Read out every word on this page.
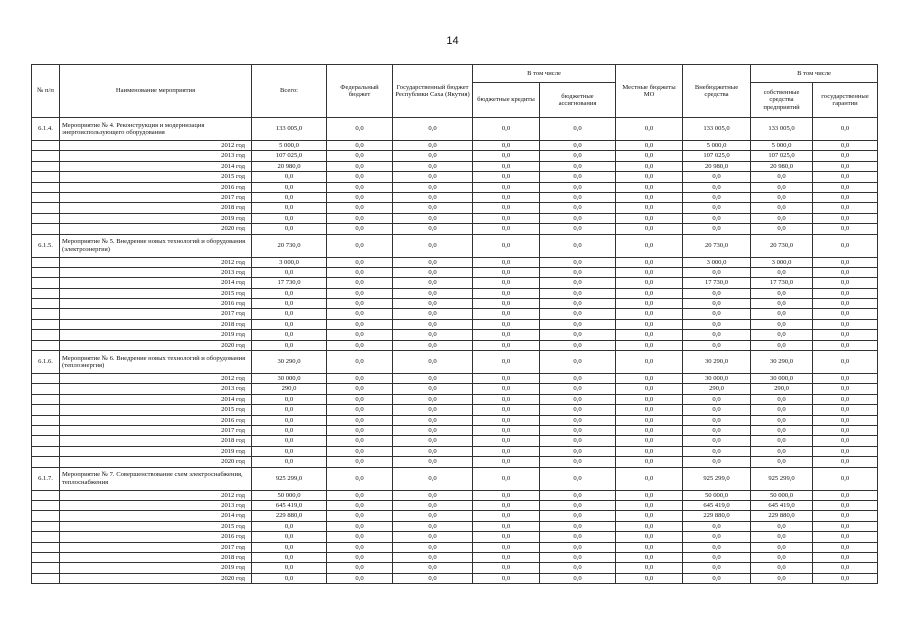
14
№ п/п	Наименование мероприятия	Всего:	Федеральный бюджет	Государственный бюджет Республики Саха (Якутия)	В том числе		Местные бюджеты МО	Внебюджетные средства	В том числе	
					бюджетные кредиты	бюджетные ассигнования			собственные средства предприятий	государственные гарантии
6.1.4.	Мероприятие № 4. Реконструкция и модернизация энергоиспользующего оборудования	133 005,0	0,0	0,0	0,0	0,0	0,0	133 005,0	133 005,0	0,0
	2012 год	5 000,0	0,0	0,0	0,0	0,0	0,0	5 000,0	5 000,0	0,0
	2013 год	107 025,0	0,0	0,0	0,0	0,0	0,0	107 025,0	107 025,0	0,0
	2014 год	20 980,0	0,0	0,0	0,0	0,0	0,0	20 980,0	20 980,0	0,0
	2015 год	0,0	0,0	0,0	0,0	0,0	0,0	0,0	0,0	0,0
	2016 год	0,0	0,0	0,0	0,0	0,0	0,0	0,0	0,0	0,0
	2017 год	0,0	0,0	0,0	0,0	0,0	0,0	0,0	0,0	0,0
	2018 год	0,0	0,0	0,0	0,0	0,0	0,0	0,0	0,0	0,0
	2019 год	0,0	0,0	0,0	0,0	0,0	0,0	0,0	0,0	0,0
	2020 год	0,0	0,0	0,0	0,0	0,0	0,0	0,0	0,0	0,0
6.1.5.	Мероприятие № 5. Внедрение новых технологий и оборудования (электроэнергия)	20 730,0	0,0	0,0	0,0	0,0	0,0	20 730,0	20 730,0	0,0
	2012 год	3 000,0	0,0	0,0	0,0	0,0	0,0	3 000,0	3 000,0	0,0
	2013 год	0,0	0,0	0,0	0,0	0,0	0,0	0,0	0,0	0,0
	2014 год	17 730,0	0,0	0,0	0,0	0,0	0,0	17 730,0	17 730,0	0,0
	2015 год	0,0	0,0	0,0	0,0	0,0	0,0	0,0	0,0	0,0
	2016 год	0,0	0,0	0,0	0,0	0,0	0,0	0,0	0,0	0,0
	2017 год	0,0	0,0	0,0	0,0	0,0	0,0	0,0	0,0	0,0
	2018 год	0,0	0,0	0,0	0,0	0,0	0,0	0,0	0,0	0,0
	2019 год	0,0	0,0	0,0	0,0	0,0	0,0	0,0	0,0	0,0
	2020 год	0,0	0,0	0,0	0,0	0,0	0,0	0,0	0,0	0,0
6.1.6.	Мероприятие № 6. Внедрение новых технологий и оборудования (теплоэнергия)	30 290,0	0,0	0,0	0,0	0,0	0,0	30 290,0	30 290,0	0,0
	2012 год	30 000,0	0,0	0,0	0,0	0,0	0,0	30 000,0	30 000,0	0,0
	2013 год	290,0	0,0	0,0	0,0	0,0	0,0	290,0	290,0	0,0
	2014 год	0,0	0,0	0,0	0,0	0,0	0,0	0,0	0,0	0,0
	2015 год	0,0	0,0	0,0	0,0	0,0	0,0	0,0	0,0	0,0
	2016 год	0,0	0,0	0,0	0,0	0,0	0,0	0,0	0,0	0,0
	2017 год	0,0	0,0	0,0	0,0	0,0	0,0	0,0	0,0	0,0
	2018 год	0,0	0,0	0,0	0,0	0,0	0,0	0,0	0,0	0,0
	2019 год	0,0	0,0	0,0	0,0	0,0	0,0	0,0	0,0	0,0
	2020 год	0,0	0,0	0,0	0,0	0,0	0,0	0,0	0,0	0,0
6.1.7.	Мероприятие № 7. Совершенствование схем электроснабжения, теплоснабжения	925 299,0	0,0	0,0	0,0	0,0	0,0	925 299,0	925 299,0	0,0
	2012 год	50 000,0	0,0	0,0	0,0	0,0	0,0	50 000,0	50 000,0	0,0
	2013 год	645 419,0	0,0	0,0	0,0	0,0	0,0	645 419,0	645 419,0	0,0
	2014 год	229 880,0	0,0	0,0	0,0	0,0	0,0	229 880,0	229 880,0	0,0
	2015 год	0,0	0,0	0,0	0,0	0,0	0,0	0,0	0,0	0,0
	2016 год	0,0	0,0	0,0	0,0	0,0	0,0	0,0	0,0	0,0
	2017 год	0,0	0,0	0,0	0,0	0,0	0,0	0,0	0,0	0,0
	2018 год	0,0	0,0	0,0	0,0	0,0	0,0	0,0	0,0	0,0
	2019 год	0,0	0,0	0,0	0,0	0,0	0,0	0,0	0,0	0,0
	2020 год	0,0	0,0	0,0	0,0	0,0	0,0	0,0	0,0	0,0
